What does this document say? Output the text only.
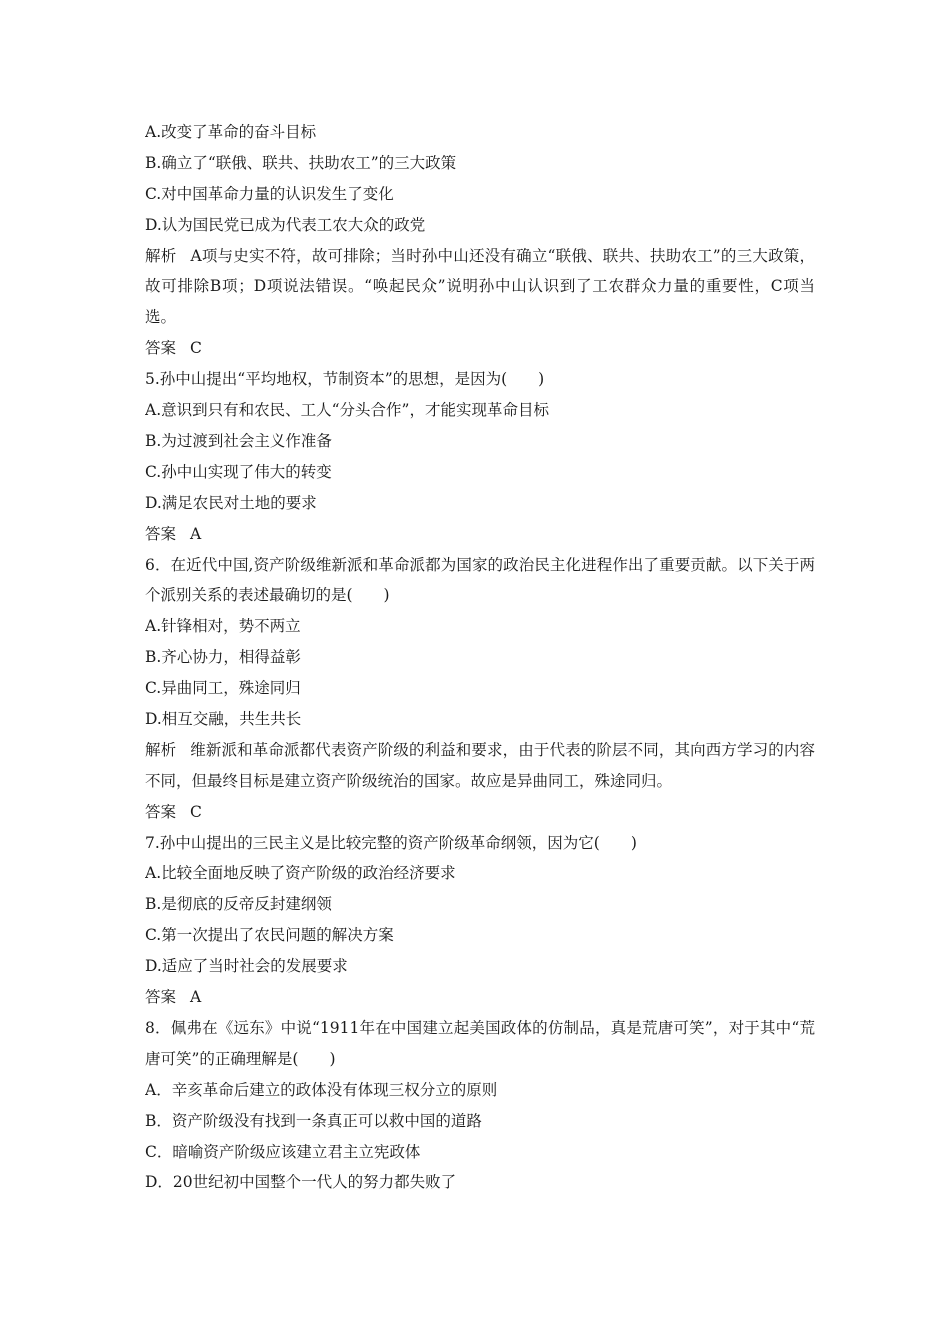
A.改变了革命的奋斗目标
B.确立了“联俄、联共、扶助农工”的三大政策
C.对中国革命力量的认识发生了变化
D.认为国民党已成为代表工农大众的政党
解析 A项与史实不符，故可排除；当时孙中山还没有确立“联俄、联共、扶助农工”的三大政策，故可排除B项；D项说法错误。“唤起民众”说明孙中山认识到了工农群众力量的重要性，C项当选。
答案 C
5.孙中山提出“平均地权，节制资本”的思想，是因为(　　)
A.意识到只有和农民、工人“分头合作”，才能实现革命目标
B.为过渡到社会主义作准备
C.孙中山实现了伟大的转变
D.满足农民对土地的要求
答案 A
6．在近代中国,资产阶级维新派和革命派都为国家的政治民主化进程作出了重要贡献。以下关于两个派别关系的表述最确切的是(　　)
A.针锋相对，势不两立
B.齐心协力，相得益彰
C.异曲同工，殊途同归
D.相互交融，共生共长
解析 维新派和革命派都代表资产阶级的利益和要求，由于代表的阶层不同，其向西方学习的内容不同，但最终目标是建立资产阶级统治的国家。故应是异曲同工，殊途同归。
答案 C
7.孙中山提出的三民主义是比较完整的资产阶级革命纲领，因为它(　　)
A.比较全面地反映了资产阶级的政治经济要求
B.是彻底的反帝反封建纲领
C.第一次提出了农民问题的解决方案
D.适应了当时社会的发展要求
答案 A
8．佩弗在《远东》中说“1911年在中国建立起美国政体的仿制品，真是荒唐可笑”，对于其中“荒唐可笑”的正确理解是(　　)
A．辛亥革命后建立的政体没有体现三权分立的原则
B．资产阶级没有找到一条真正可以救中国的道路
C．暗喻资产阶级应该建立君主立宪政体
D．20世纪初中国整个一代人的努力都失败了
